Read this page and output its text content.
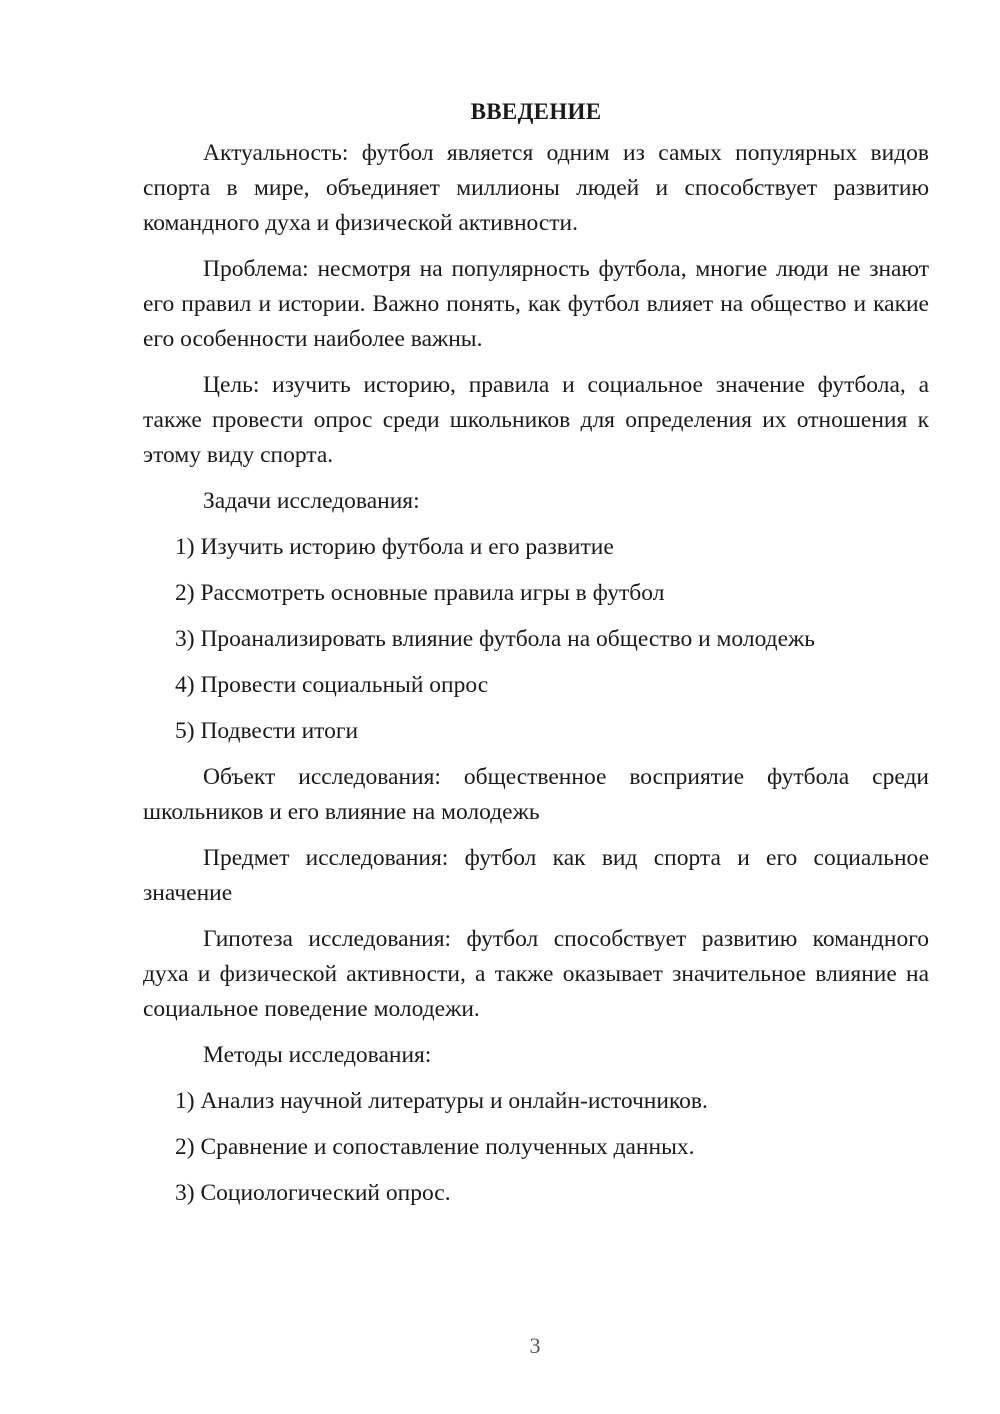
ВВЕДЕНИЕ

Актуальность: футбол является одним из самых популярных видов спорта в мире, объединяет миллионы людей и способствует развитию командного духа и физической активности.

Проблема: несмотря на популярность футбола, многие люди не знают его правил и истории. Важно понять, как футбол влияет на общество и какие его особенности наиболее важны.

Цель: изучить историю, правила и социальное значение футбола, а также провести опрос среди школьников для определения их отношения к этому виду спорта.

Задачи исследования:

1) Изучить историю футбола и его развитие
2) Рассмотреть основные правила игры в футбол
3) Проанализировать влияние футбола на общество и молодежь
4) Провести социальный опрос
5) Подвести итоги

Объект исследования: общественное восприятие футбола среди школьников и его влияние на молодежь

Предмет исследования: футбол как вид спорта и его социальное значение

Гипотеза исследования: футбол способствует развитию командного духа и физической активности, а также оказывает значительное влияние на социальное поведение молодежи.

Методы исследования:

1) Анализ научной литературы и онлайн-источников.
2) Сравнение и сопоставление полученных данных.
3) Социологический опрос.
3
